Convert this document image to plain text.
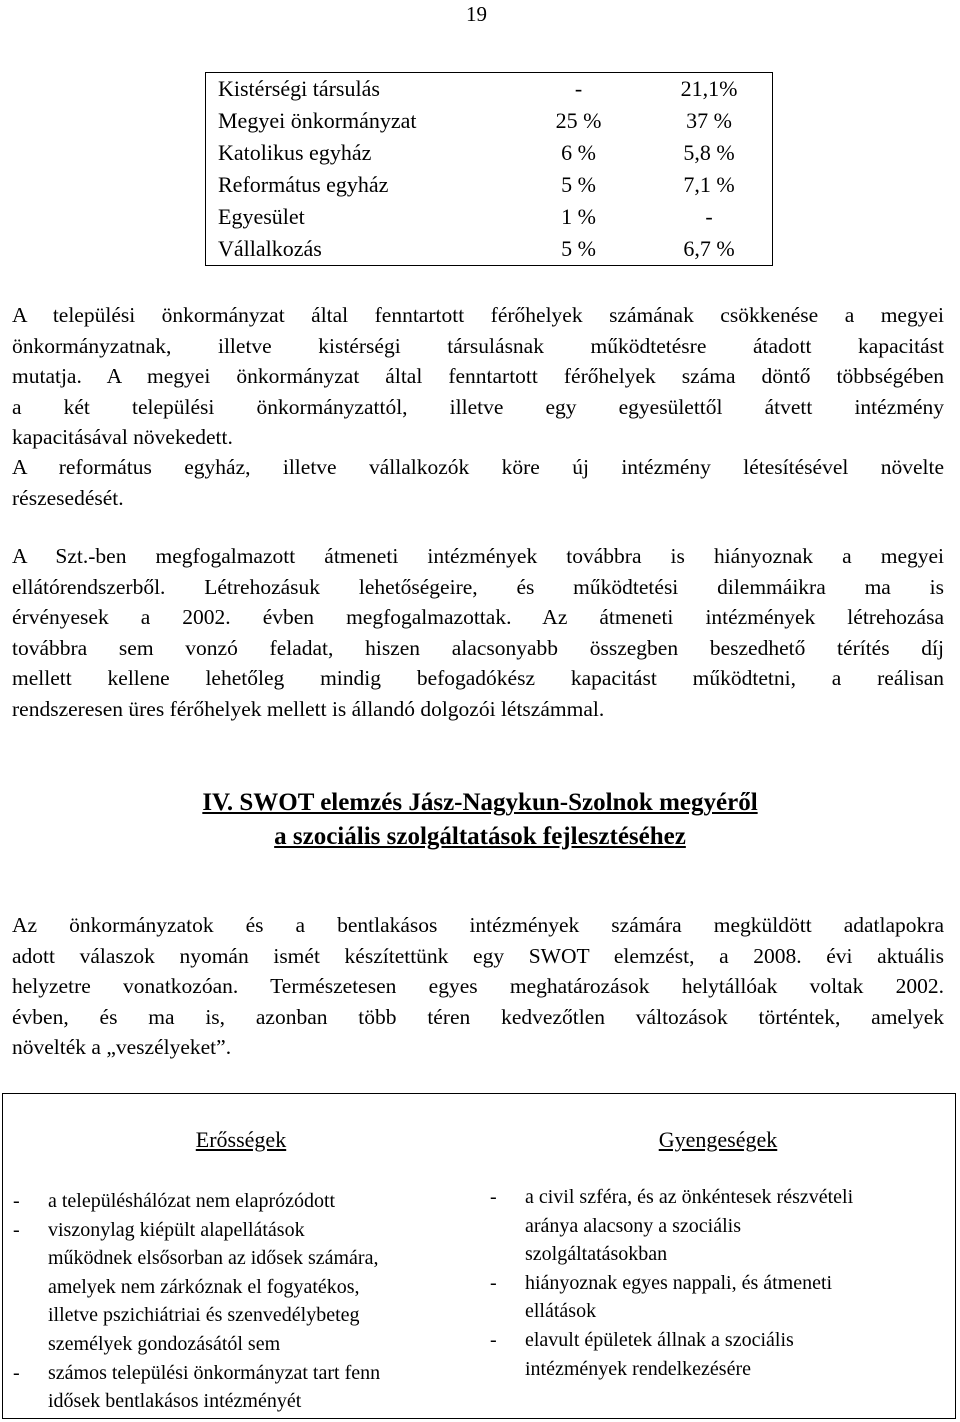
19
Kistérségi társulás	-	21,1%
Megyei önkormányzat	25 %	37 %
Katolikus egyház	6 %	5,8 %
Református egyház	5 %	7,1 %
Egyesület	1 %	-
Vállalkozás	5 %	6,7 %
A települési önkormányzat által fenntartott férőhelyek számának csökkenése a megyei
önkormányzatnak, illetve kistérségi társulásnak működtetésre átadott kapacitást
mutatja. A megyei önkormányzat által fenntartott férőhelyek száma döntő többségében
a két települési önkormányzattól, illetve egy egyesülettől átvett intézmény
kapacitásával növekedett.
A református egyház, illetve vállalkozók köre új intézmény létesítésével növelte
részesedését.
A Szt.-ben megfogalmazott átmeneti intézmények továbbra is hiányoznak a megyei
ellátórendszerből. Létrehozásuk lehetőségeire, és működtetési dilemmáikra ma is
érvényesek a 2002. évben megfogalmazottak. Az átmeneti intézmények létrehozása
továbbra sem vonzó feladat, hiszen alacsonyabb összegben beszedhető térítés díj
mellett kellene lehetőleg mindig befogadókész kapacitást működtetni, a reálisan
rendszeresen üres férőhelyek mellett is állandó dolgozói létszámmal.
IV. SWOT elemzés Jász-Nagykun-Szolnok megyéről
a szociális szolgáltatások fejlesztéséhez
Az önkormányzatok és a bentlakásos intézmények számára megküldött adatlapokra
adott válaszok nyomán ismét készítettünk egy SWOT elemzést, a 2008. évi aktuális
helyzetre vonatkozóan. Természetesen egyes meghatározások helytállóak voltak 2002.
évben, és ma is, azonban több téren kedvezőtlen változások történtek, amelyek
növelték a „veszélyeket”.
Erősségek
- a településhálózat nem elaprózódott
- viszonylag kiépült alapellátások
működnek elsősorban az idősek számára,
amelyek nem zárkóznak el fogyatékos,
illetve pszichiátriai és szenvedélybeteg
személyek gondozásától sem
- számos települési önkormányzat tart fenn
idősek bentlakásos intézményét
Gyengeségek
- a civil szféra, és az önkéntesek részvételi
aránya alacsony a szociális
szolgáltatásokban
- hiányoznak egyes nappali, és átmeneti
ellátások
- elavult épületek állnak a szociális
intézmények rendelkezésére
